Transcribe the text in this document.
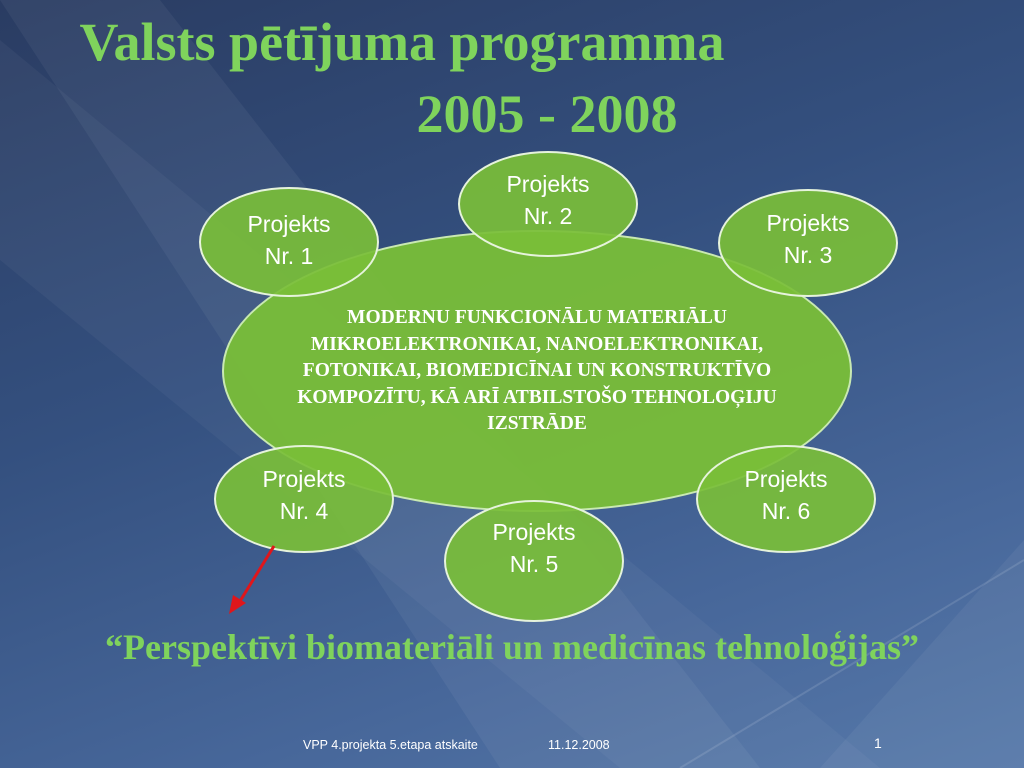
Valsts pētījuma programma
2005 - 2008
MODERNU FUNKCIONĀLU MATERIĀLU MIKROELEKTRONIKAI, NANOELEKTRONIKAI, FOTONIKAI, BIOMEDICĪNAI UN KONSTRUKTĪVO KOMPOZĪTU, KĀ ARĪ ATBILSTOŠO TEHNOLOĢIJU IZSTRĀDE
Projekts
Nr. 1
Projekts
Nr. 2	Projekts
Nr. 3
Projekts
Nr. 4
Projekts
Nr. 5
Projekts
Nr. 6
“Perspektīvi biomateriāli un medicīnas tehnoloģijas”
VPP 4.projekta 5.etapa atskaite	11.12.2008	1
